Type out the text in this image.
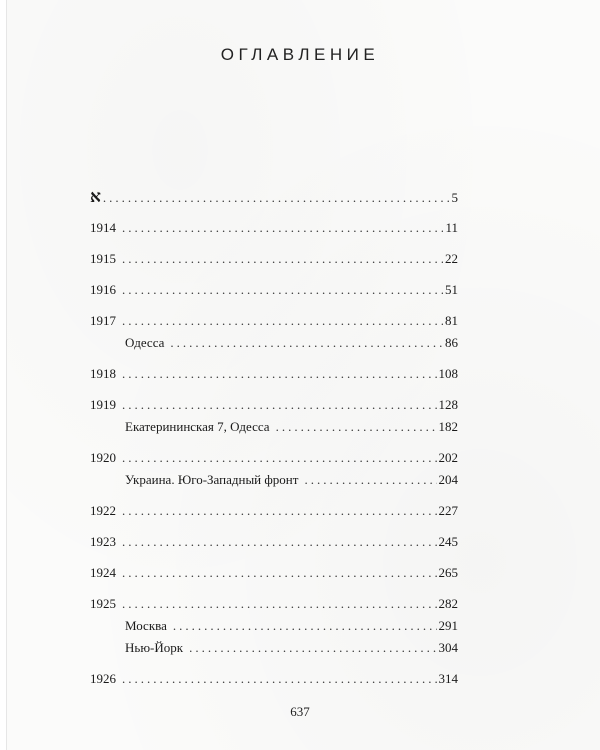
ОГЛАВЛЕНИЕ
א .....	5
1914 .....	11
1915 .....	22
1916 .....	51
1917 .....	81
Одесса .....	86
1918 .....	108
1919 .....	128
Екатерининская 7, Одесса .....	182
1920 .....	202
Украина. Юго-Западный фронт .....	204
1922 .....	227
1923 .....	245
1924 .....	265
1925 .....	282
Москва .....	291
Нью-Йорк .....	304
1926 .....	314
637
